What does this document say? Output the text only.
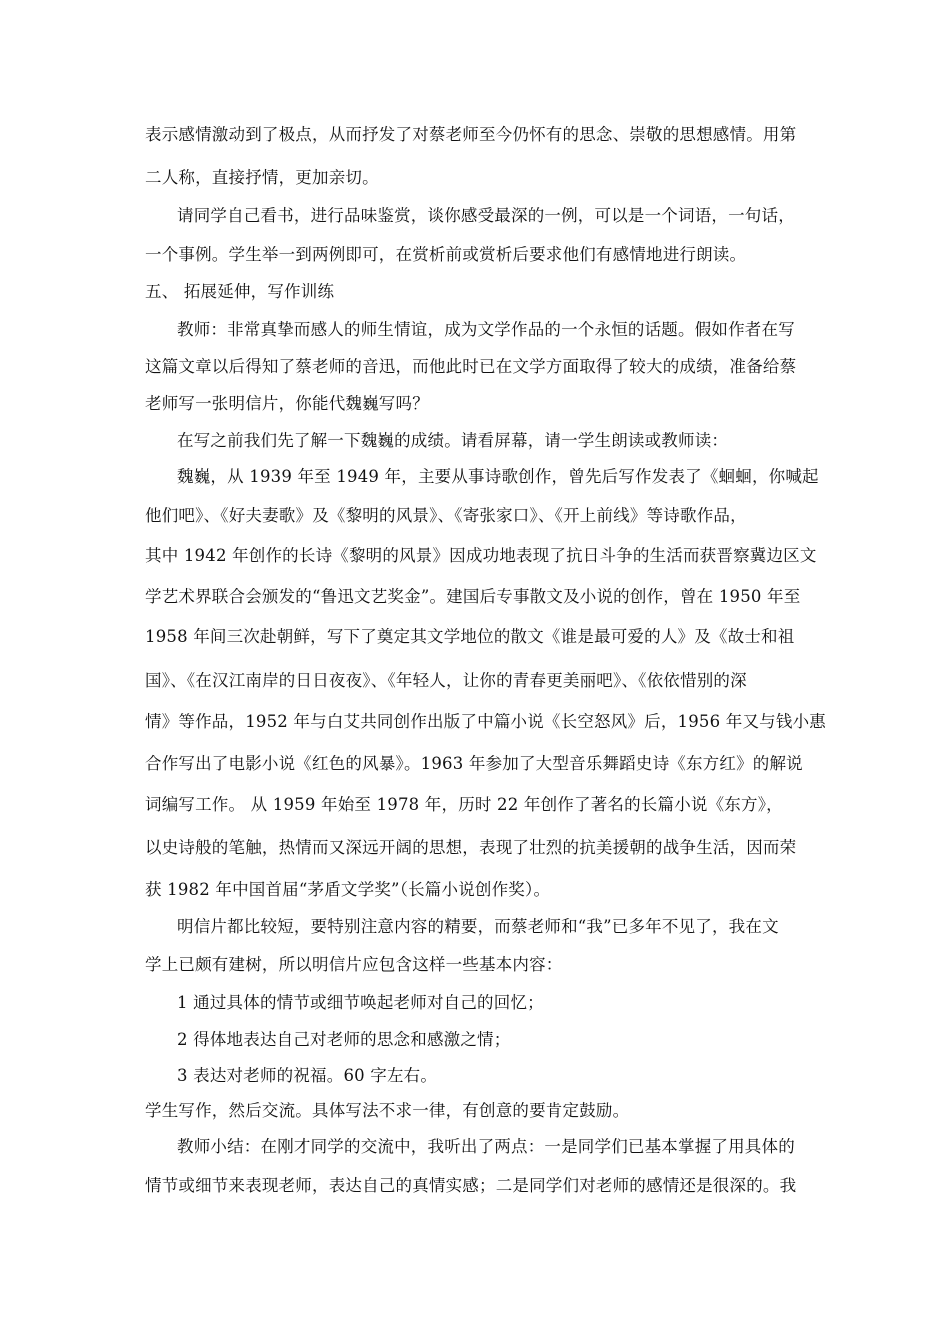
表示感情激动到了极点，从而抒发了对蔡老师至今仍怀有的思念、崇敬的思想感情。用第
二人称，直接抒情，更加亲切。
请同学自己看书，进行品味鉴赏，谈你感受最深的一例，可以是一个词语，一句话，
一个事例。学生举一到两例即可，在赏析前或赏析后要求他们有感情地进行朗读。
五、 拓展延伸，写作训练
教师：非常真挚而感人的师生情谊，成为文学作品的一个永恒的话题。假如作者在写
这篇文章以后得知了蔡老师的音迅，而他此时已在文学方面取得了较大的成绩，准备给蔡
老师写一张明信片，你能代魏巍写吗？
在写之前我们先了解一下魏巍的成绩。请看屏幕，请一学生朗读或教师读：
魏巍，从 1939 年至 1949 年，主要从事诗歌创作，曾先后写作发表了《蛔蛔，你喊起
他们吧》、《好夫妻歌》及《黎明的风景》、《寄张家口》、《开上前线》等诗歌作品，
其中 1942 年创作的长诗《黎明的风景》因成功地表现了抗日斗争的生活而获晋察冀边区文
学艺术界联合会颁发的“鲁迅文艺奖金”。建国后专事散文及小说的创作，曾在 1950 年至
1958 年间三次赴朝鲜，写下了奠定其文学地位的散文《谁是最可爱的人》及《故士和祖
国》、《在汉江南岸的日日夜夜》、《年轻人，让你的青春更美丽吧》、《依依惜别的深
情》等作品，1952 年与白艾共同创作出版了中篇小说《长空怒风》后，1956 年又与钱小惠
合作写出了电影小说《红色的风暴》。1963 年参加了大型音乐舞蹈史诗《东方红》的解说
词编写工作。 从 1959 年始至 1978 年，历时 22 年创作了著名的长篇小说《东方》，
以史诗般的笔触，热情而又深远开阔的思想，表现了壮烈的抗美援朝的战争生活，因而荣
获 1982 年中国首届“茅盾文学奖”（长篇小说创作奖）。
明信片都比较短，要特别注意内容的精要，而蔡老师和“我”已多年不见了，我在文
学上已颇有建树，所以明信片应包含这样一些基本内容：
1 通过具体的情节或细节唤起老师对自己的回忆；
2 得体地表达自己对老师的思念和感激之情；
3 表达对老师的祝福。60 字左右。
学生写作，然后交流。具体写法不求一律，有创意的要肯定鼓励。
教师小结：在刚才同学的交流中，我听出了两点：一是同学们已基本掌握了用具体的
情节或细节来表现老师，表达自己的真情实感；二是同学们对老师的感情还是很深的。我
